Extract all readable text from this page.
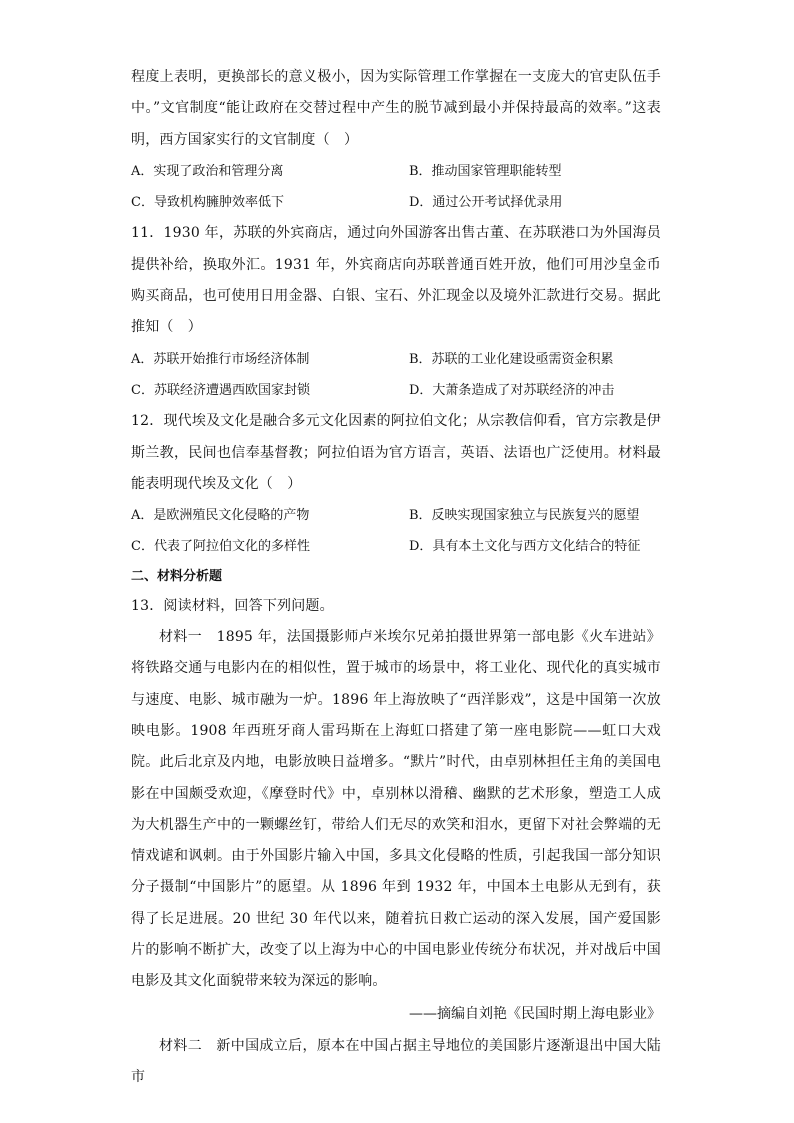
程度上表明，更换部长的意义极小，因为实际管理工作掌握在一支庞大的官吏队伍手中。”文官制度“能让政府在交替过程中产生的脱节减到最小并保持最高的效率。”这表明，西方国家实行的文官制度（　）

A．实现了政治和管理分离	B．推动国家管理职能转型
C．导致机构臃肿效率低下	D．通过公开考试择优录用

11．1930 年，苏联的外宾商店，通过向外国游客出售古董、在苏联港口为外国海员提供补给，换取外汇。1931 年，外宾商店向苏联普通百姓开放，他们可用沙皇金币购买商品，也可使用日用金器、白银、宝石、外汇现金以及境外汇款进行交易。据此推知（　）

A．苏联开始推行市场经济体制	B．苏联的工业化建设亟需资金积累
C．苏联经济遭遇西欧国家封锁	D．大萧条造成了对苏联经济的冲击

12．现代埃及文化是融合多元文化因素的阿拉伯文化；从宗教信仰看，官方宗教是伊斯兰教，民间也信奉基督教；阿拉伯语为官方语言，英语、法语也广泛使用。材料最能表明现代埃及文化（　）

A．是欧洲殖民文化侵略的产物	B．反映实现国家独立与民族复兴的愿望
C．代表了阿拉伯文化的多样性	D．具有本土文化与西方文化结合的特征

二、材料分析题

13．阅读材料，回答下列问题。

材料一　1895 年，法国摄影师卢米埃尔兄弟拍摄世界第一部电影《火车进站》将铁路交通与电影内在的相似性，置于城市的场景中，将工业化、现代化的真实城市与速度、电影、城市融为一炉。1896 年上海放映了“西洋影戏”，这是中国第一次放映电影。1908 年西班牙商人雷玛斯在上海虹口搭建了第一座电影院——虹口大戏院。此后北京及内地，电影放映日益增多。“默片”时代，由卓别林担任主角的美国电影在中国颇受欢迎，《摩登时代》中，卓别林以滑稽、幽默的艺术形象，塑造工人成为大机器生产中的一颗螺丝钉，带给人们无尽的欢笑和泪水，更留下对社会弊端的无情戏谑和讽刺。由于外国影片输入中国，多具文化侵略的性质，引起我国一部分知识分子摄制“中国影片”的愿望。从 1896 年到 1932 年，中国本土电影从无到有，获得了长足进展。20 世纪 30 年代以来，随着抗日救亡运动的深入发展，国产爱国影片的影响不断扩大，改变了以上海为中心的中国电影业传统分布状况，并对战后中国电影及其文化面貌带来较为深远的影响。

——摘编自刘艳《民国时期上海电影业》

材料二　新中国成立后，原本在中国占据主导地位的美国影片逐渐退出中国大陆市
